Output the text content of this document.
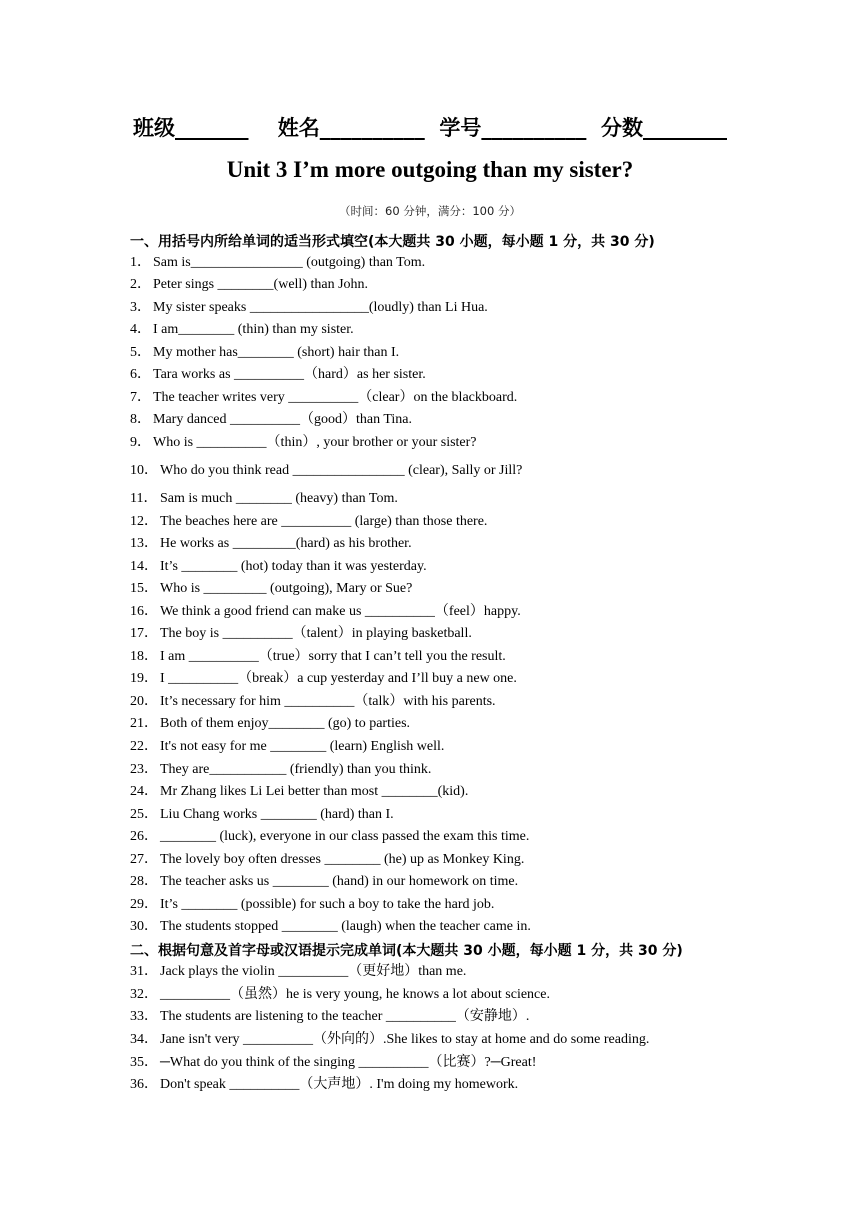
班级_______    姓名__________  学号__________  分数________
Unit 3 I’m more outgoing than my sister?
（时间：60 分钟，满分：100 分）
一、用括号内所给单词的适当形式填空(本大题共 30 小题，每小题 1 分，共 30 分)
1． Sam is________________ (outgoing) than Tom.
2． Peter sings ________(well) than John.
3． My sister speaks _________________(loudly) than Li Hua.
4． I am________ (thin) than my sister.
5． My mother has________ (short) hair than I.
6． Tara works as __________（hard）as her sister.
7． The teacher writes very __________（clear）on the blackboard.
8． Mary danced __________（good）than Tina.
9． Who is __________（thin）, your brother or your sister?
10． Who do you think read ________________ (clear), Sally or Jill?
11． Sam is much ________ (heavy) than Tom.
12． The beaches here are __________ (large) than those there.
13． He works as _________(hard) as his brother.
14． It’s ________ (hot) today than it was yesterday.
15． Who is _________ (outgoing), Mary or Sue?
16． We think a good friend can make us __________（feel）happy.
17． The boy is __________（talent）in playing basketball.
18． I am __________（true）sorry that I can’t tell you the result.
19． I __________（break）a cup yesterday and I’ll buy a new one.
20． It’s necessary for him __________（talk）with his parents.
21． Both of them enjoy________ (go) to parties.
22． It's not easy for me ________ (learn) English well.
23． They are___________ (friendly) than you think.
24． Mr Zhang likes Li Lei better than most ________(kid).
25． Liu Chang works ________ (hard) than I.
26． ________ (luck), everyone in our class passed the exam this time.
27． The lovely boy often dresses ________ (he) up as Monkey King.
28． The teacher asks us ________ (hand) in our homework on time.
29． It’s ________ (possible) for such a boy to take the hard job.
30． The students stopped ________ (laugh) when the teacher came in.
二、根据句意及首字母或汉语提示完成单词(本大题共 30 小题，每小题 1 分，共 30 分)
31． Jack plays the violin __________（更好地）than me.
32． __________（虽然）he is very young, he knows a lot about science.
33． The students are listening to the teacher __________（安静地）.
34． Jane isn't very __________（外向的）.She likes to stay at home and do some reading.
35． ─What do you think of the singing __________（比赛）?─Great!
36． Don't speak __________（大声地）. I'm doing my homework.
